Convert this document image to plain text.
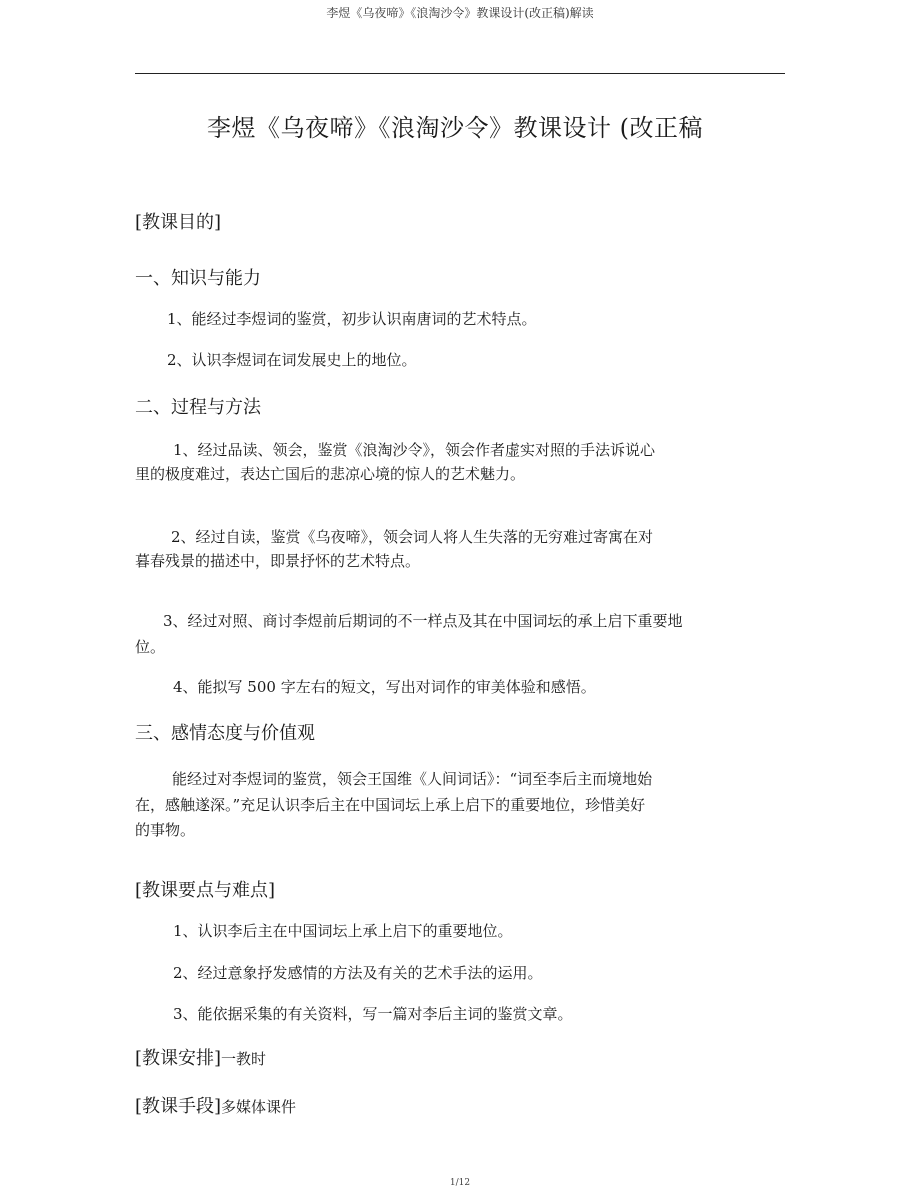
李煜《乌夜啼》《浪淘沙令》教课设计(改正稿)解读
李煜《乌夜啼》《浪淘沙令》教课设计 (改正稿
[教课目的]
一、知识与能力
1、能经过李煜词的鉴赏，初步认识南唐词的艺术特点。
2、认识李煜词在词发展史上的地位。
二、过程与方法
1、经过品读、领会，鉴赏《浪淘沙令》，领会作者虚实对照的手法诉说心
里的极度难过，表达亡国后的悲凉心境的惊人的艺术魅力。
2、经过自读，鉴赏《乌夜啼》，领会词人将人生失落的无穷难过寄寓在对
暮春残景的描述中，即景抒怀的艺术特点。
3、经过对照、商讨李煜前后期词的不一样点及其在中国词坛的承上启下重要地
位。
4、能拟写 500 字左右的短文，写出对词作的审美体验和感悟。
三、感情态度与价值观
能经过对李煜词的鉴赏，领会王国维《人间词话》：“词至李后主而境地始
在，感触遂深。”充足认识李后主在中国词坛上承上启下的重要地位，珍惜美好
的事物。
[教课要点与难点]
1、认识李后主在中国词坛上承上启下的重要地位。
2、经过意象抒发感情的方法及有关的艺术手法的运用。
3、能依据采集的有关资料，写一篇对李后主词的鉴赏文章。
[教课安排]一教时
[教课手段]多媒体课件
1/12
